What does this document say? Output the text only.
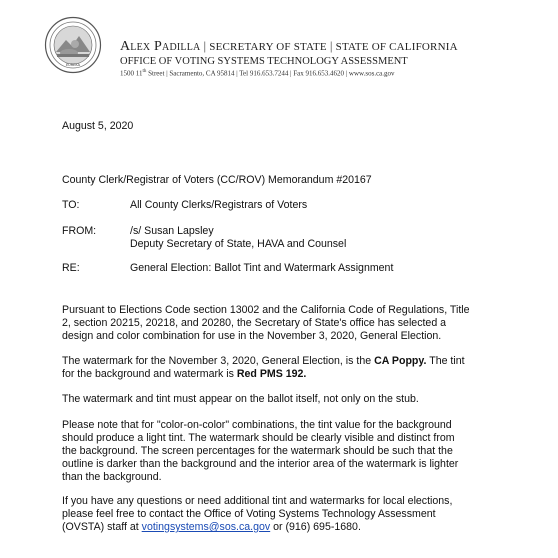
EUREKA
Alex Padilla | SECRETARY OF STATE | STATE OF CALIFORNIA
OFFICE OF VOTING SYSTEMS TECHNOLOGY ASSESSMENT
1500 11th Street | Sacramento, CA 95814 | Tel 916.653.7244 | Fax 916.653.4620 | www.sos.ca.gov
August 5, 2020
County Clerk/Registrar of Voters (CC/ROV) Memorandum #20167
TO:	All County Clerks/Registrars of Voters
FROM:	/s/ Susan Lapsley
Deputy Secretary of State, HAVA and Counsel
RE:	General Election: Ballot Tint and Watermark Assignment
Pursuant to Elections Code section 13002 and the California Code of Regulations, Title
2, section 20215, 20218, and 20280, the Secretary of State's office has selected a
design and color combination for use in the November 3, 2020, General Election.
The watermark for the November 3, 2020, General Election, is the CA Poppy. The tint
for the background and watermark is Red PMS 192.
The watermark and tint must appear on the ballot itself, not only on the stub.
Please note that for "color-on-color" combinations, the tint value for the background
should produce a light tint. The watermark should be clearly visible and distinct from
the background. The screen percentages for the watermark should be such that the
outline is darker than the background and the interior area of the watermark is lighter
than the background.
If you have any questions or need additional tint and watermarks for local elections,
please feel free to contact the Office of Voting Systems Technology Assessment
(OVSTA) staff at votingsystems@sos.ca.gov or (916) 695-1680.
